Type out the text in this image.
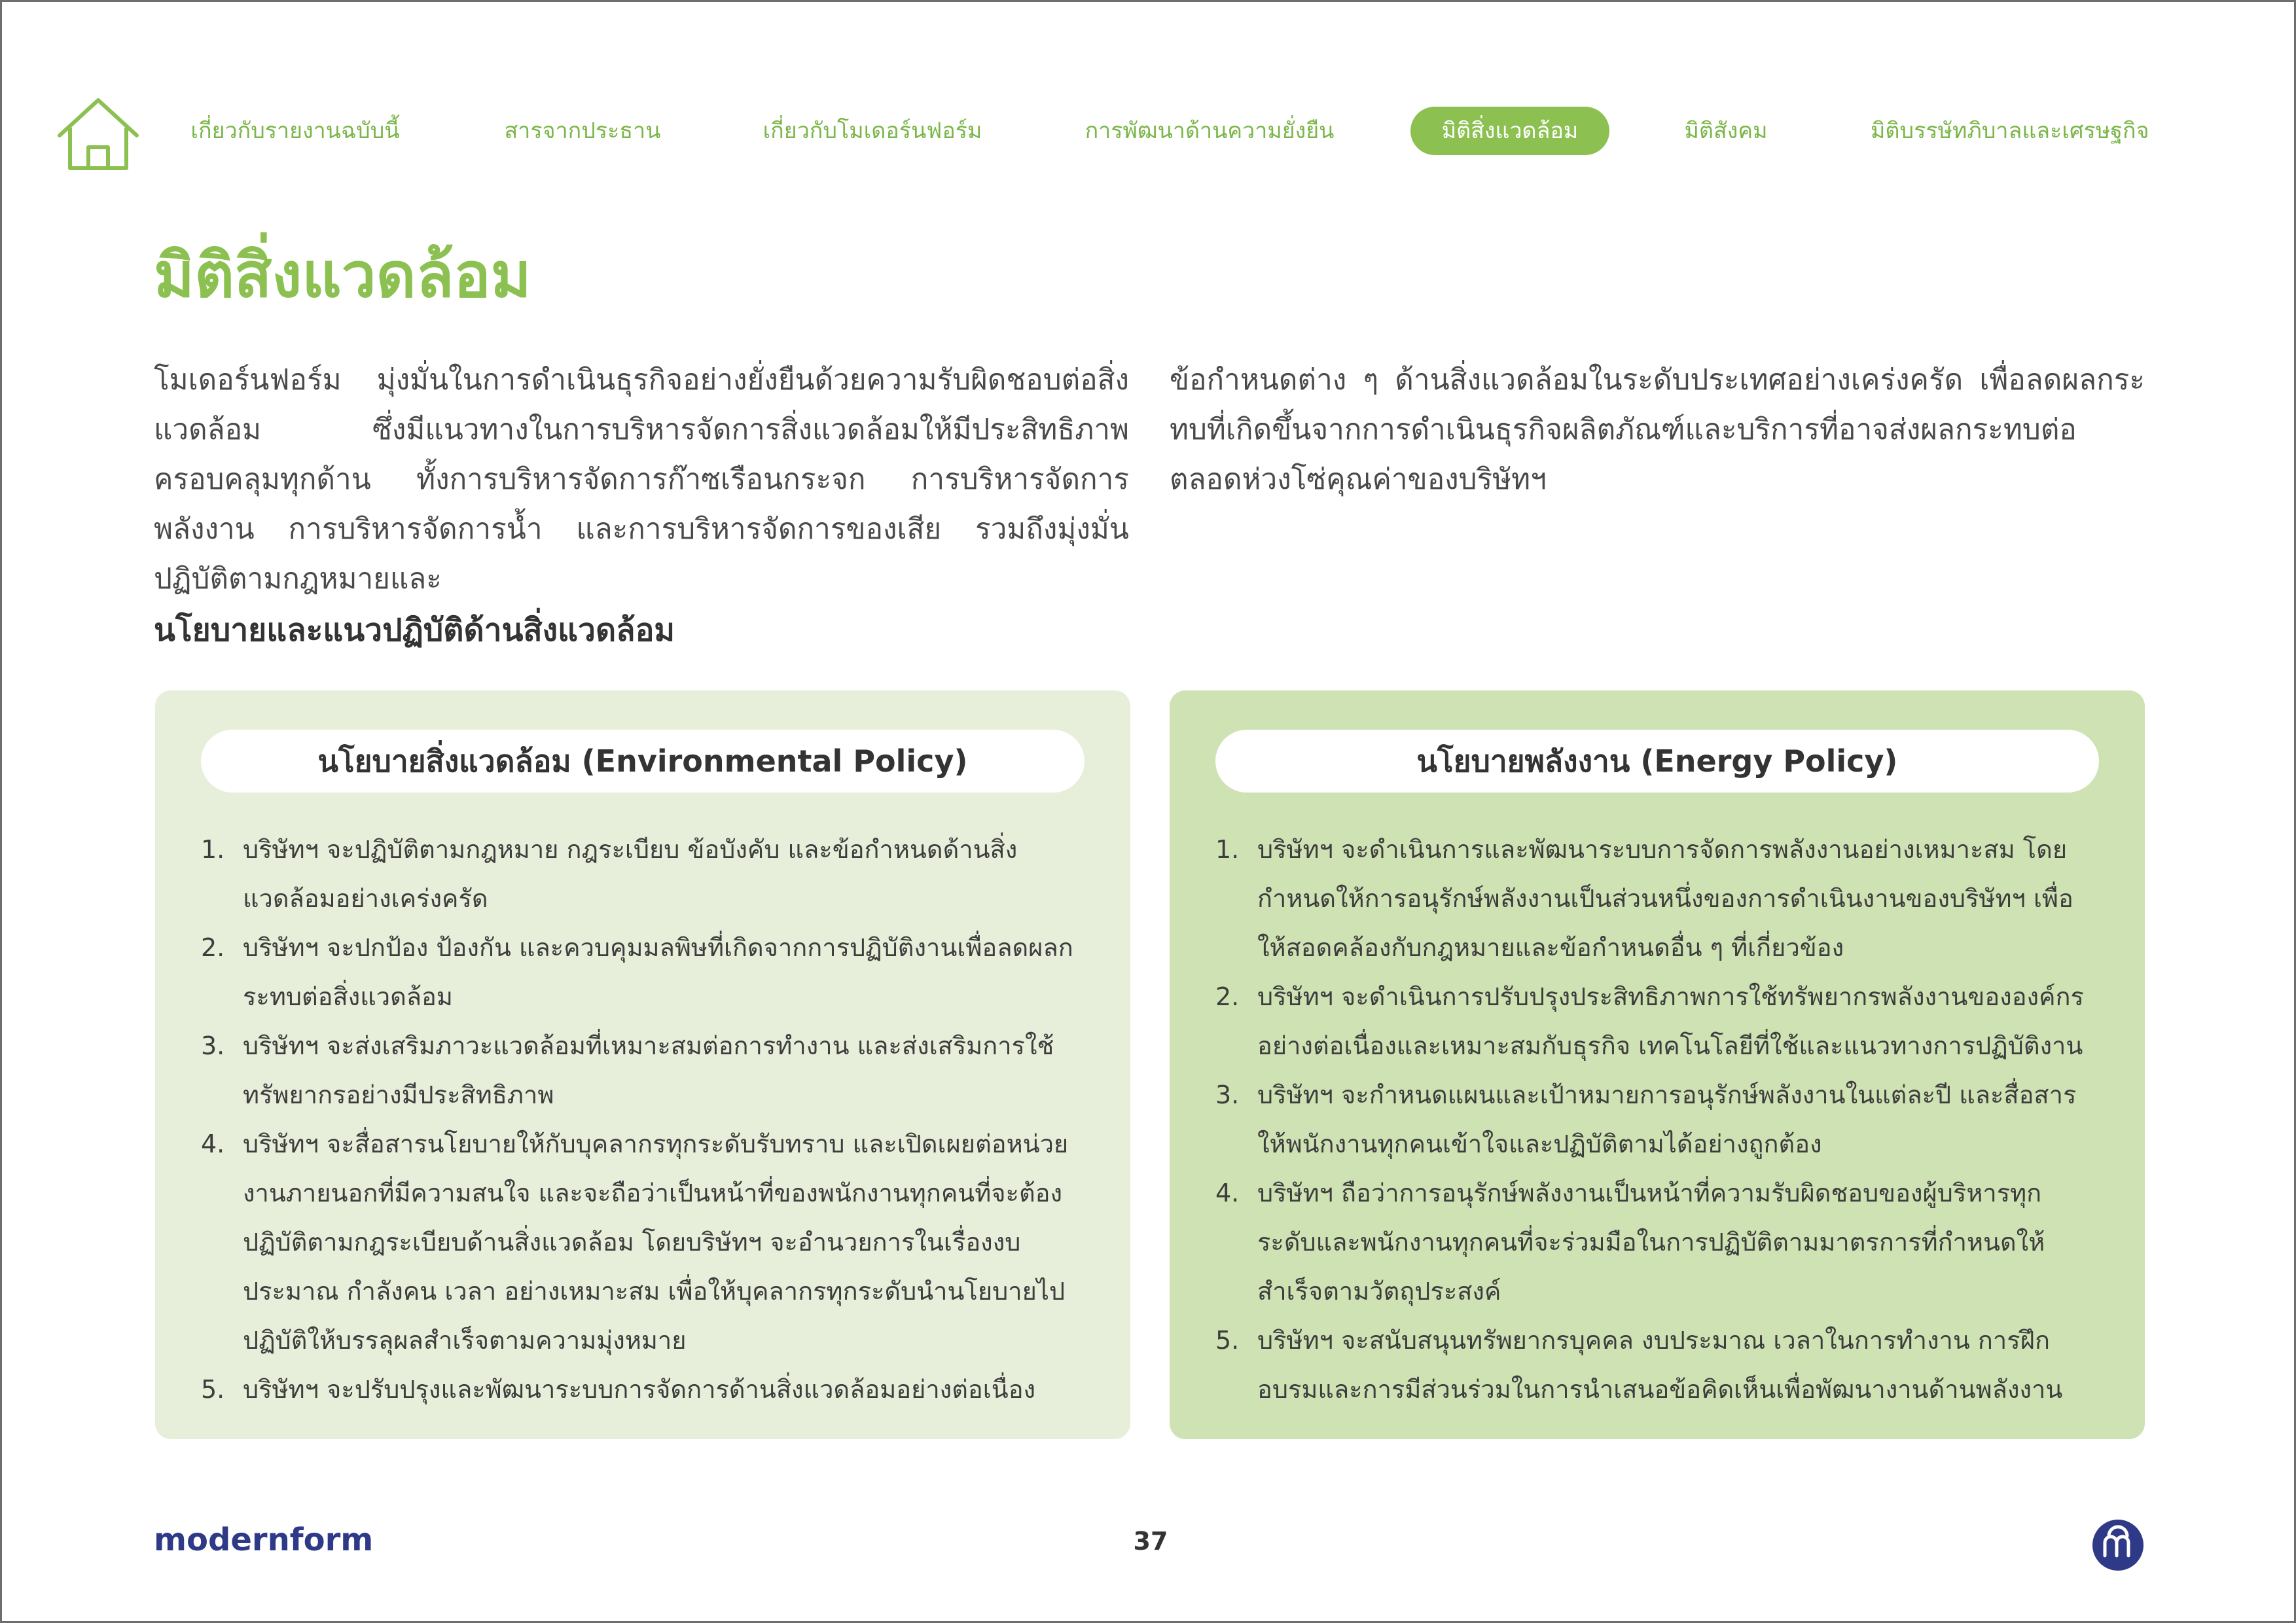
เกี่ยวกับรายงานฉบับนี้	สารจากประธาน	เกี่ยวกับโมเดอร์นฟอร์ม	การพัฒนาด้านความยั่งยืน	มิติสิ่งแวดล้อม	มิติสังคม	มิติบรรษัทภิบาลและเศรษฐกิจ
มิติสิ่งแวดล้อม
โมเดอร์นฟอร์ม มุ่งมั่นในการดำเนินธุรกิจอย่างยั่งยืนด้วยความรับผิดชอบต่อสิ่งแวดล้อม ซึ่งมีแนวทางในการบริหารจัดการสิ่งแวดล้อมให้มีประสิทธิภาพครอบคลุมทุกด้าน ทั้งการบริหารจัดการก๊าซเรือนกระจก การบริหารจัดการพลังงาน การบริหารจัดการน้ำ และการบริหารจัดการของเสีย รวมถึงมุ่งมั่นปฏิบัติตามกฎหมายและ
ข้อกำหนดต่าง ๆ ด้านสิ่งแวดล้อมในระดับประเทศอย่างเคร่งครัด เพื่อลดผลกระทบที่เกิดขึ้นจากการดำเนินธุรกิจผลิตภัณฑ์และบริการที่อาจส่งผลกระทบต่อตลอดห่วงโซ่คุณค่าของบริษัทฯ
นโยบายและแนวปฏิบัติด้านสิ่งแวดล้อม
นโยบายสิ่งแวดล้อม (Environmental Policy)
1. บริษัทฯ จะปฏิบัติตามกฎหมาย กฎระเบียบ ข้อบังคับ และข้อกำหนดด้านสิ่งแวดล้อมอย่างเคร่งครัด
2. บริษัทฯ จะปกป้อง ป้องกัน และควบคุมมลพิษที่เกิดจากการปฏิบัติงานเพื่อลดผลกระทบต่อสิ่งแวดล้อม
3. บริษัทฯ จะส่งเสริมภาวะแวดล้อมที่เหมาะสมต่อการทำงาน และส่งเสริมการใช้ทรัพยากรอย่างมีประสิทธิภาพ
4. บริษัทฯ จะสื่อสารนโยบายให้กับบุคลากรทุกระดับรับทราบ และเปิดเผยต่อหน่วยงานภายนอกที่มีความสนใจ และจะถือว่าเป็นหน้าที่ของพนักงานทุกคนที่จะต้องปฏิบัติตามกฎระเบียบด้านสิ่งแวดล้อม โดยบริษัทฯ จะอำนวยการในเรื่องงบประมาณ กำลังคน เวลา อย่างเหมาะสม เพื่อให้บุคลากรทุกระดับนำนโยบายไปปฏิบัติให้บรรลุผลสำเร็จตามความมุ่งหมาย
5. บริษัทฯ จะปรับปรุงและพัฒนาระบบการจัดการด้านสิ่งแวดล้อมอย่างต่อเนื่อง
นโยบายพลังงาน (Energy Policy)
1. บริษัทฯ จะดำเนินการและพัฒนาระบบการจัดการพลังงานอย่างเหมาะสม โดยกำหนดให้การอนุรักษ์พลังงานเป็นส่วนหนึ่งของการดำเนินงานของบริษัทฯ เพื่อให้สอดคล้องกับกฎหมายและข้อกำหนดอื่น ๆ ที่เกี่ยวข้อง
2. บริษัทฯ จะดำเนินการปรับปรุงประสิทธิภาพการใช้ทรัพยากรพลังงานขององค์กรอย่างต่อเนื่องและเหมาะสมกับธุรกิจ เทคโนโลยีที่ใช้และแนวทางการปฏิบัติงาน
3. บริษัทฯ จะกำหนดแผนและเป้าหมายการอนุรักษ์พลังงานในแต่ละปี และสื่อสารให้พนักงานทุกคนเข้าใจและปฏิบัติตามได้อย่างถูกต้อง
4. บริษัทฯ ถือว่าการอนุรักษ์พลังงานเป็นหน้าที่ความรับผิดชอบของผู้บริหารทุกระดับและพนักงานทุกคนที่จะร่วมมือในการปฏิบัติตามมาตรการที่กำหนดให้สำเร็จตามวัตถุประสงค์
5. บริษัทฯ จะสนับสนุนทรัพยากรบุคคล งบประมาณ เวลาในการทำงาน การฝึกอบรมและการมีส่วนร่วมในการนำเสนอข้อคิดเห็นเพื่อพัฒนางานด้านพลังงาน
modernform	37
